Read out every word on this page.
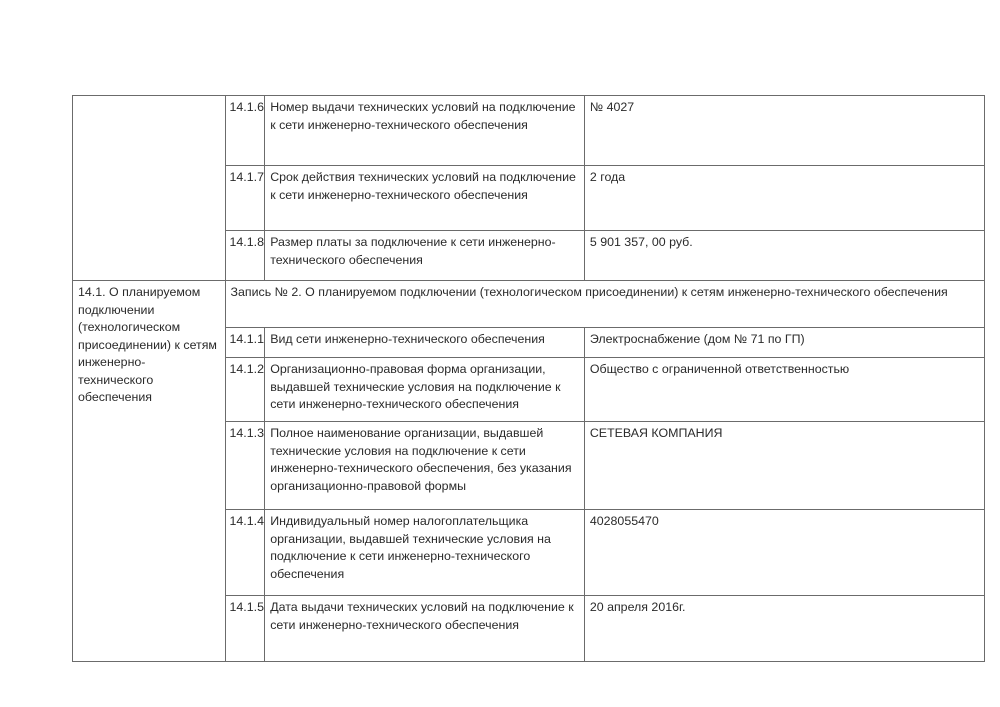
	14.1.6	Номер выдачи технических условий на подключение к сети инженерно-технического обеспечения	№ 4027
	14.1.7	Срок действия технических условий на подключение к сети инженерно-технического обеспечения	2 года
	14.1.8	Размер платы за подключение к сети инженерно-технического обеспечения	5 901 357, 00 руб.
14.1. О планируемом подключении (технологическом присоединении) к сетям инженерно-технического обеспечения	Запись № 2. О планируемом подключении (технологическом присоединении) к сетям инженерно-технического обеспечения		
	14.1.1	Вид сети инженерно-технического обеспечения	Электроснабжение (дом № 71 по ГП)
	14.1.2	Организационно-правовая форма организации, выдавшей технические условия на подключение к сети инженерно-технического обеспечения	Общество с ограниченной ответственностью
	14.1.3	Полное наименование организации, выдавшей технические условия на подключение к сети инженерно-технического обеспечения, без указания организационно-правовой формы	СЕТЕВАЯ КОМПАНИЯ
	14.1.4	Индивидуальный номер налогоплательщика организации, выдавшей технические условия на подключение к сети инженерно-технического обеспечения	4028055470
	14.1.5	Дата выдачи технических условий на подключение к сети инженерно-технического обеспечения	20 апреля 2016г.
